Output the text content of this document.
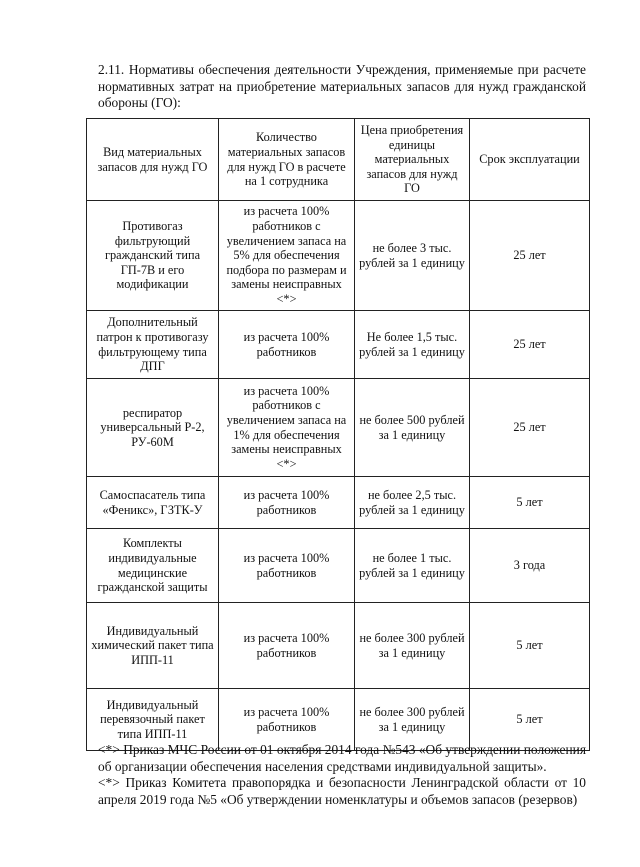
2.11. Нормативы обеспечения деятельности Учреждения, применяемые при расчете нормативных затрат на приобретение материальных запасов для нужд гражданской обороны (ГО):
Вид материальных запасов для нужд ГО	Количество материальных запасов для нужд ГО в расчете на 1 сотрудника	Цена приобретения единицы материальных запасов для нужд ГО	Срок эксплуатации
Противогаз фильтрующий гражданский типа ГП-7В и его модификации	из расчета 100% работников с увеличением запаса на 5% для обеспечения подбора по размерам и замены неисправных <*>	не более 3 тыс. рублей за 1 единицу	25 лет
Дополнительный патрон к противогазу фильтрующему типа ДПГ	из расчета 100% работников	Не более 1,5 тыс. рублей за 1 единицу	25 лет
респиратор универсальный Р-2, РУ-60М	из расчета 100% работников с увеличением запаса на 1% для обеспечения замены неисправных <*>	не более 500 рублей за 1 единицу	25 лет
Самоспасатель типа «Феникс», ГЗТК-У	из расчета 100% работников	не более 2,5 тыс. рублей за 1 единицу	5 лет
Комплекты индивидуальные медицинские гражданской защиты	из расчета 100% работников	не более 1 тыс. рублей за 1 единицу	3 года
Индивидуальный химический пакет типа ИПП-11	из расчета 100% работников	не более 300 рублей за 1 единицу	5 лет
Индивидуальный перевязочный пакет типа ИПП-11	из расчета 100% работников	не более 300 рублей за 1 единицу	5 лет

<*> Приказ МЧС России от 01 октября 2014 года №543 «Об утверждении положения об организации обеспечения населения средствами индивидуальной защиты».

<*> Приказ Комитета правопорядка и безопасности Ленинградской области от 10 апреля 2019 года №5 «Об утверждении номенклатуры и объемов запасов (резервов)
